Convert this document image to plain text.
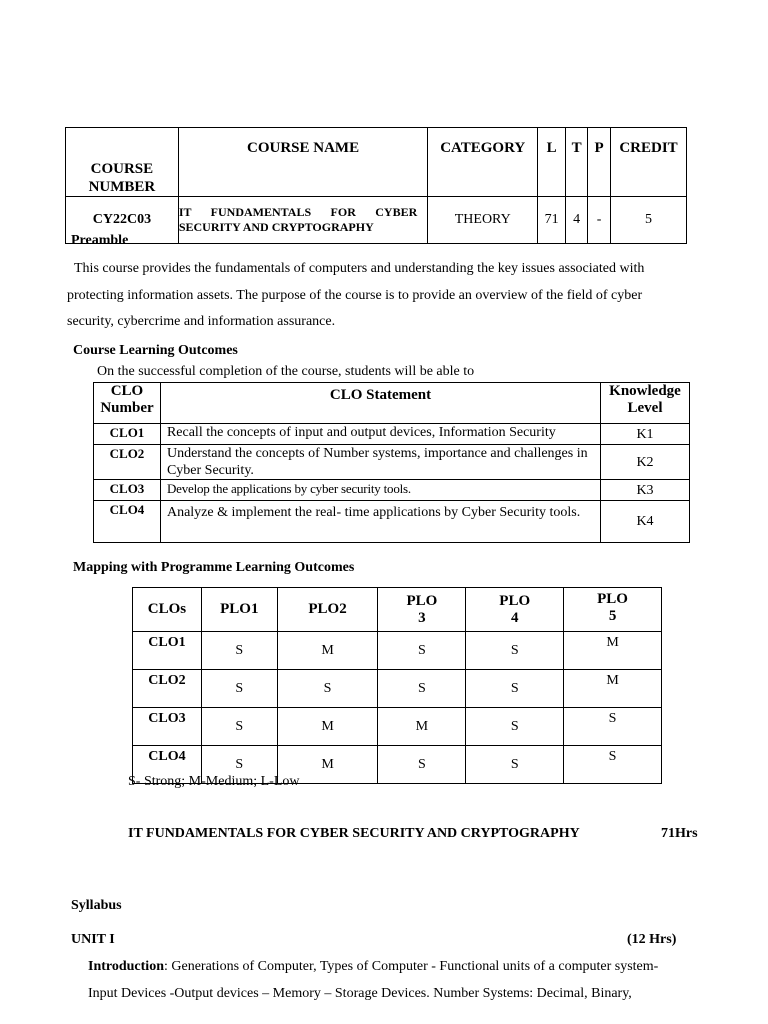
COURSE NUMBER	COURSE NAME	CATEGORY	L	T	P	CREDIT
CY22C03	IT FUNDAMENTALS FOR CYBER SECURITY AND CRYPTOGRAPHY	THEORY	71	4	-	5
Preamble
This course provides the fundamentals of computers and understanding the key issues associated with
protecting information assets. The purpose of the course is to provide an overview of the field of cyber
security, cybercrime and information assurance.
Course Learning Outcomes
On the successful completion of the course, students will be able to
CLO Number	CLO Statement	Knowledge Level
CLO1	Recall the concepts of input and output devices, Information Security	K1
CLO2	Understand the concepts of Number systems, importance and challenges in Cyber Security.	K2
CLO3	Develop the applications by cyber security tools.	K3
CLO4	Analyze & implement the real- time applications by Cyber Security tools.	K4
Mapping with Programme Learning Outcomes
CLOs	PLO1	PLO2	PLO 3	PLO 4	PLO 5
CLO1	S	M	S	S	M
CLO2	S	S	S	S	M
CLO3	S	M	M	S	S
CLO4	S	M	S	S	S
S- Strong; M-Medium; L-Low
IT FUNDAMENTALS FOR CYBER SECURITY AND CRYPTOGRAPHY	71Hrs
Syllabus
UNIT I	(12 Hrs)
Introduction: Generations of Computer, Types of Computer - Functional units of a computer system-
Input Devices -Output devices – Memory – Storage Devices. Number Systems: Decimal, Binary,
